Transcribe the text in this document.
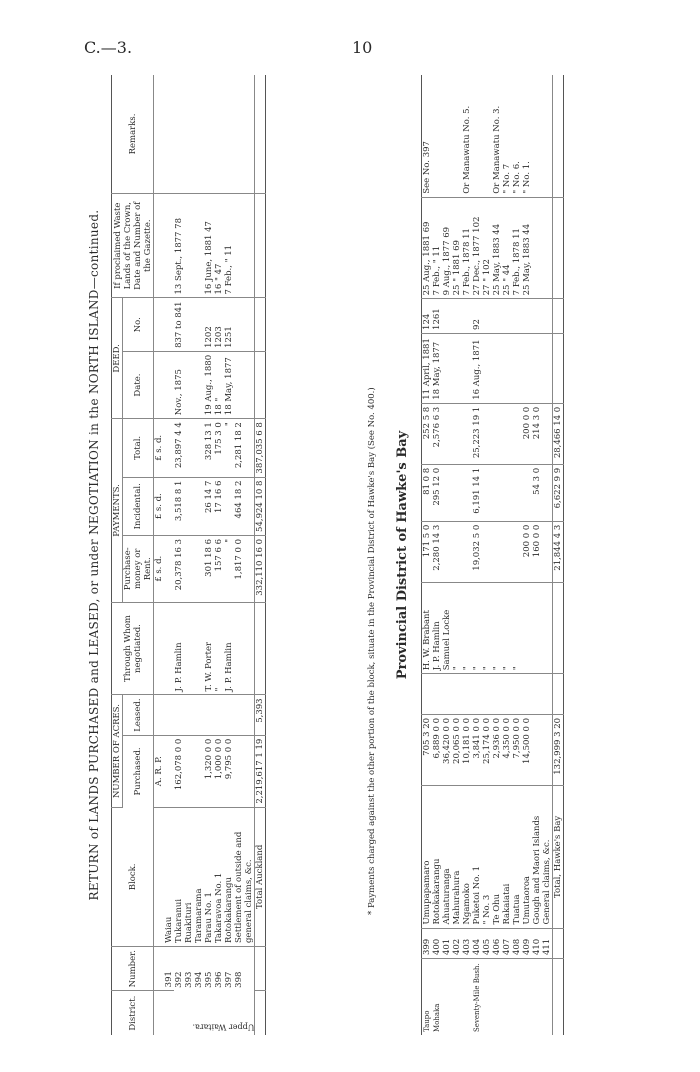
C.—3.	10
RETURN of LANDS PURCHASED and LEASED, or under NEGOTIATION in the NORTH ISLAND—continued.
District.	Number.	Block.	NUMBER OF ACRES.		Through Whom negotiated.	PAYMENTS.			DEED.		If proclaimed Waste Lands of the Crown, Date and Number of the Gazette.	Remarks.
			Purchased.	Leased.		Purchase-money or Rent.	Incidental.	Total.	Date.	No.		
			A. R. P.			£ s. d.	£ s. d.	£ s. d.				
Upper Waitara.	391	Waiau										
	392	Tukaranui	162,078 0 0		J. P. Hamlin	20,378 16 3	3,518 8 1	23,897 4 4	Nov., 1875	837 to 841	13 Sept., 1877 78	
	393	Ruakituri										
	394	Taramarama										
	395	Parau No. 1	1,320 0 0		T. W. Porter	301 18 6	26 14 7	328 13 1	19 Aug., 1880	1202	16 June, 1881 47	
	396	Takaravoa No. 1	1,000 0 0		"	157 6 6	17 16 6	175 3 0	18 "	1203	16 " 47	
	397	Rotokakarangu	9,795 0 0		J. P. Hamlin	"		"	18 May, 1877	1251	7 Feb., " 11	
	398	Settlement of outside and general claims, &c.				1,817 0 0	464 18 2	2,281 18 2				
		Total Auckland	2,219,617 1 19	5,393		332,110 16 0	54,924 10 8	387,035 6 8					* Payments charged against the other portion of the block, situate in the Provincial District of Hawke's Bay (See No. 400.) Provincial District of Hawke's Bay
Taupo	399	Umupapamaro	705 3 20		H. W. Brabant	171 5 0	81 0 8	252 5 8	11 April, 1881	124	25 Aug., 1881 69	See No. 397
Mohaka	400	Rotokakarangu	6,889 0 0		J. P. Hamlin	2,280 14 3	295 12 0	2,576 6 3	18 May, 1877	1261	7 Feb., " 11	
	401	Ahuaturanga	36,420 0 0		Samuel Locke						9 Aug., 1877 69	
	402	Mahurahura	20,065 0 0		"						25 " 1881 69	
	403	Ngamoko	10,181 0 0		"						7 Feb., 1878 11	Or Manawatu No. 5.
Seventy-Mile Bush.	404	Puketoi No. 1	3,841 0 0		"	19,032 5 0	6,191 14 1	25,223 19 1	16 Aug., 1871	92	27 Dec., 1877 102	
	405	" No. 3	25,174 0 0		"						27 " 102	
	406	Te Ohu	2,936 0 0		"						25 May, 1883 44	Or Manawatu No. 3.
	407	Rakaiatai	4,350 0 0		"						25 " 44	" No. 7
	408	Tuatua	7,950 0 0		"						7 Feb., 1878 11	" No. 6.
	409	Umutaoroa	14,500 0 0			200 0 0		200 0 0			25 May, 1883 44	" No. 1.
	410	Gough and Maori Islands				160 0 0	54 3 0	214 3 0				
	411	General claims, &c.										
		Total, Hawke's Bay	132,999 3 20			21,844 4 3	6,622 9 9	28,466 14 0				
